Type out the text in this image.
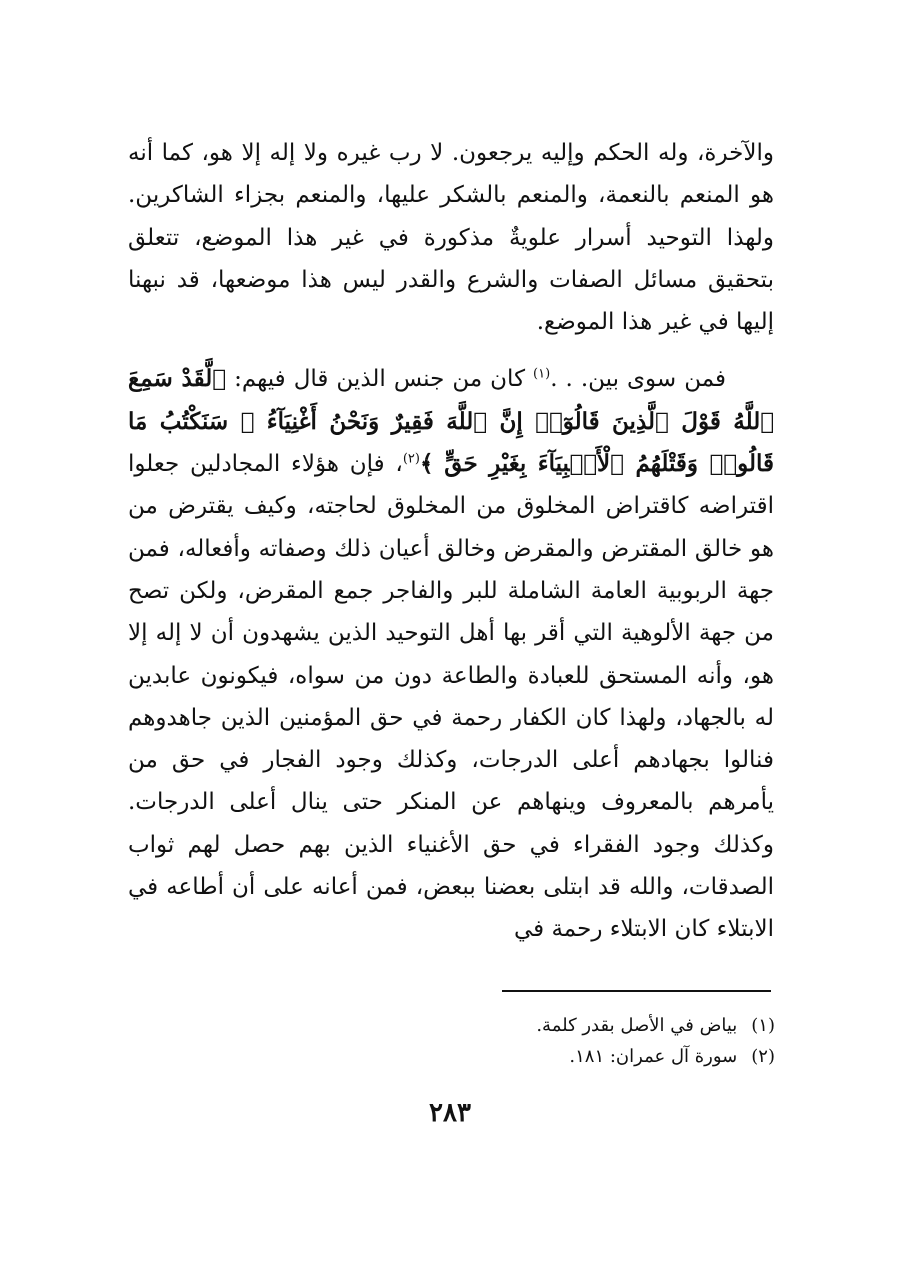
والآخرة، وله الحكم وإليه يرجعون. لا رب غيره ولا إله إلا هو، كما أنه هو المنعم بالنعمة، والمنعم بالشكر عليها، والمنعم بجزاء الشاكرين. ولهذا التوحيد أسرار علويةٌ مذكورة في غير هذا الموضع، تتعلق بتحقيق مسائل الصفات والشرع والقدر ليس هذا موضعها، قد نبهنا إليها في غير هذا الموضع.

فمن سوى بين. . .$^{(١)}$ كان من جنس الذين قال فيهم: ﴿لَّقَدْ سَمِعَ ٱللَّهُ قَوْلَ ٱلَّذِينَ قَالُوٓا۟ إِنَّ ٱللَّهَ فَقِيرٌ وَنَحْنُ أَغْنِيَآءُ ۘ سَنَكْتُبُ مَا قَالُوا۟ وَقَتْلَهُمُ ٱلْأَنۢبِيَآءَ بِغَيْرِ حَقٍّ ﴾$^{(٢)}$، فإن هؤلاء المجادلين جعلوا اقتراضه كاقتراض المخلوق من المخلوق لحاجته، وكيف يقترض من هو خالق المقترض والمقرض وخالق أعيان ذلك وصفاته وأفعاله، فمن جهة الربوبية العامة الشاملة للبر والفاجر جمع المقرض، ولكن تصح من جهة الألوهية التي أقر بها أهل التوحيد الذين يشهدون أن لا إله إلا هو، وأنه المستحق للعبادة والطاعة دون من سواه، فيكونون عابدين له بالجهاد، ولهذا كان الكفار رحمة في حق المؤمنين الذين جاهدوهم فنالوا بجهادهم أعلى الدرجات، وكذلك وجود الفجار في حق من يأمرهم بالمعروف وينهاهم عن المنكر حتى ينال أعلى الدرجات. وكذلك وجود الفقراء في حق الأغنياء الذين بهم حصل لهم ثواب الصدقات، والله قد ابتلى بعضنا ببعض، فمن أعانه على أن أطاعه في الابتلاء كان الابتلاء رحمة في

(١)بياض في الأصل بقدر كلمة.

(٢)سورة آل عمران: ١٨١.

٢٨٣
